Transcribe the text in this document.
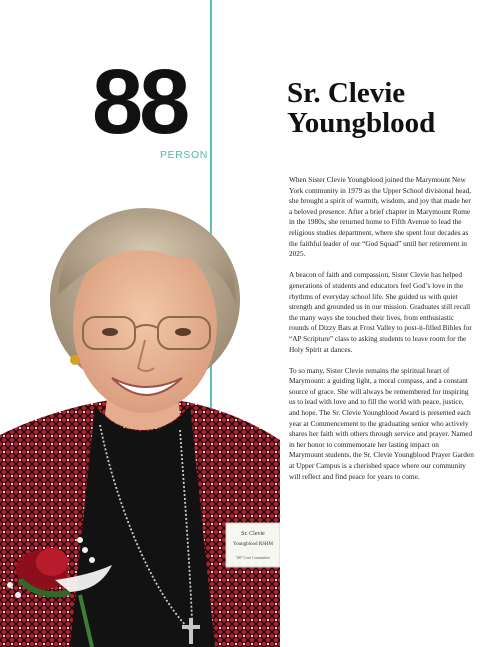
88
PERSON
Sr. Clevie
Youngblood

When Sister Clevie Youngblood joined the Marymount New York community in 1979 as the Upper School divisional head, she brought a spirit of warmth, wisdom, and joy that made her a beloved presence. After a brief chapter in Marymount Rome in the 1980s, she returned home to Fifth Avenue to lead the religious studies department, where she spent four decades as the faithful leader of our “God Squad” until her retirement in 2025.

A beacon of faith and compassion, Sister Clevie has helped generations of students and educators feel God’s love in the rhythms of everyday school life. She guided us with quiet strength and grounded us in our mission. Graduates still recall the many ways she touched their lives, from enthusiastic rounds of Dizzy Bats at Frost Valley to post-it-filled Bibles for “AP Scripture” class to asking students to leave room for the Holy Spirit at dances.

To so many, Sister Clevie remains the spiritual heart of Marymount: a guiding light, a moral compass, and a constant source of grace. She will always be remembered for inspiring us to lead with love and to fill the world with peace, justice, and hope. The Sr. Clevie Youngblood Award is presented each year at Commencement to the graduating senior who actively shares her faith with others through service and prayer. Named in her honor to commemorate her lasting impact on Marymount students, the Sr. Clevie Youngblood Prayer Garden at Upper Campus is a cherished space where our community will reflect and find peace for years to come.

Sr. Clevie
Youngblood RSHM
'68° Core Committee
